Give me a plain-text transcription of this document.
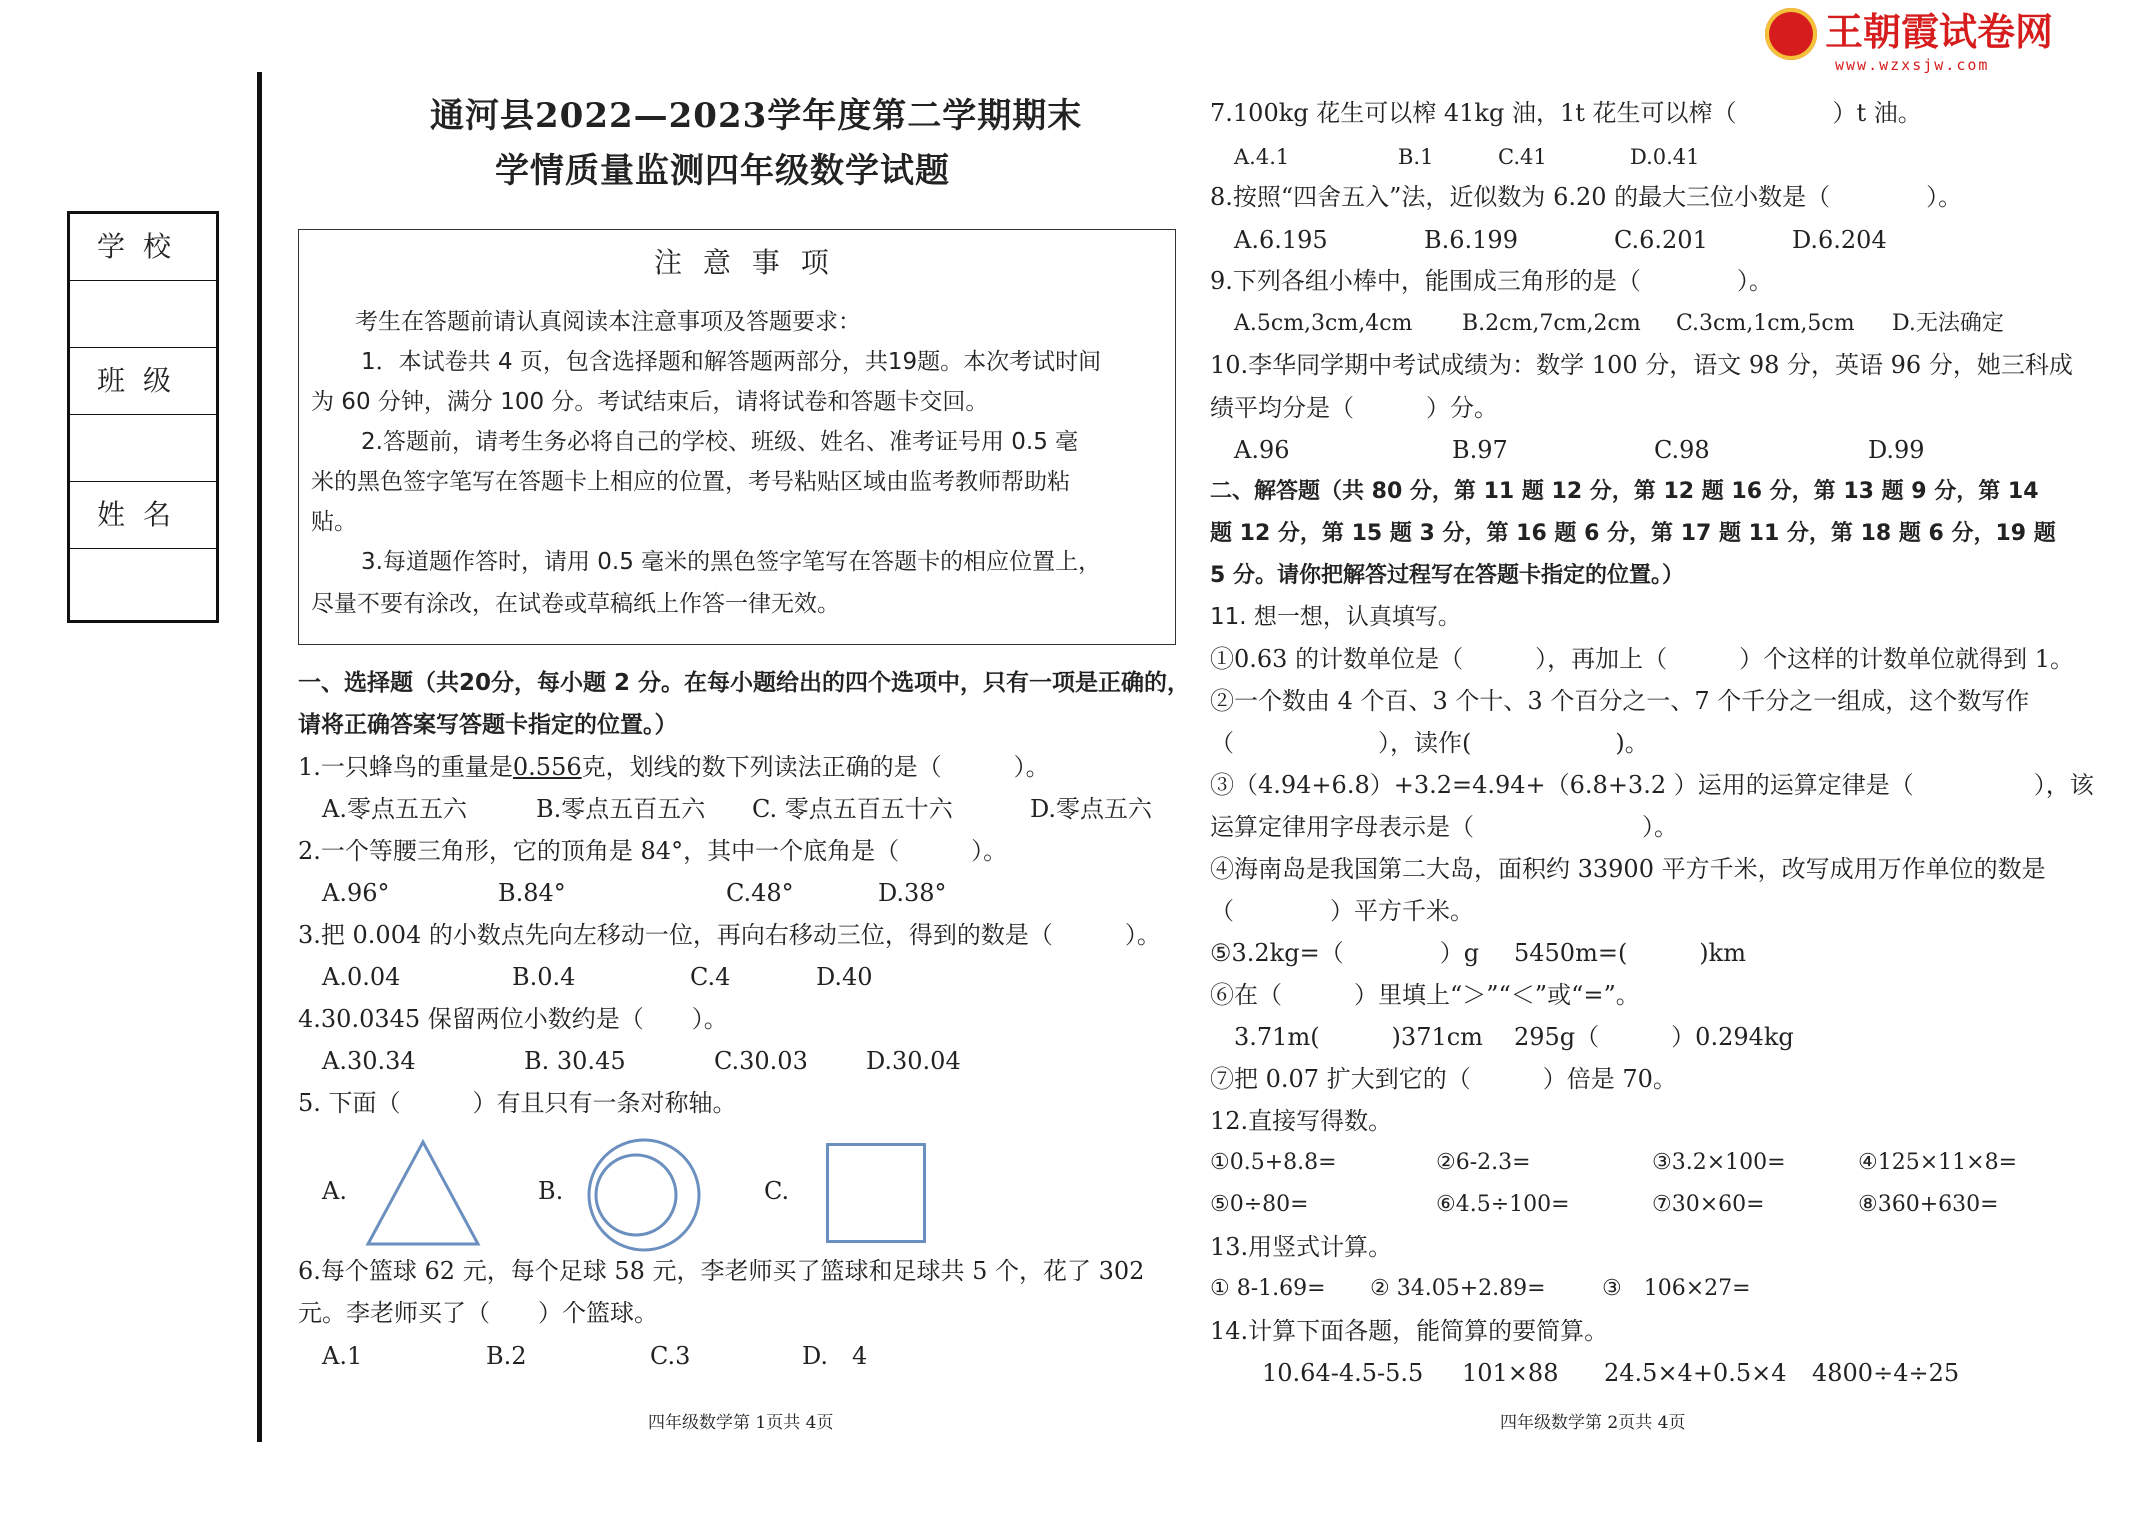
王朝霞试卷网
www.wzxsjw.com
学校
班级
姓名
通河县2022—2023学年度第二学期期末
学情质量监测四年级数学试题
注 意 事 项
考生在答题前请认真阅读本注意事项及答题要求：
1．本试卷共 4 页，包含选择题和解答题两部分，共19题。本次考试时间
为 60 分钟，满分 100 分。考试结束后，请将试卷和答题卡交回。
2.答题前，请考生务必将自己的学校、班级、姓名、准考证号用 0.5 毫
米的黑色签字笔写在答题卡上相应的位置，考号粘贴区域由监考教师帮助粘
贴。
3.每道题作答时，请用 0.5 毫米的黑色签字笔写在答题卡的相应位置上，
尽量不要有涂改，在试卷或草稿纸上作答一律无效。
一、选择题（共20分，每小题 2 分。在每小题给出的四个选项中，只有一项是正确的，
请将正确答案写答题卡指定的位置。）
1.一只蜂鸟的重量是0.556克，划线的数下列读法正确的是（　　　）。
A.零点五五六	B.零点五百五六 C. 零点五百五十六	D.零点五六
2.一个等腰三角形，它的顶角是 84°，其中一个底角是（　　　）。
A.96°	B.84°	C.48°	D.38°
3.把 0.004 的小数点先向左移动一位，再向右移动三位，得到的数是（　　　）。
A.0.04	B.0.4	C.4	D.40
4.30.0345 保留两位小数约是（　　）。
A.30.34	B. 30.45	C.30.03 D.30.04
5. 下面（　　　）有且只有一条对称轴。
A.	B.	C.
6.每个篮球 62 元，每个足球 58 元，李老师买了篮球和足球共 5 个，花了 302
元。李老师买了（　　）个篮球。
A.1	B.2	C.3	D.　4
四年级数学第 1页共 4页
7.100kg 花生可以榨 41kg 油，1t 花生可以榨（　　　　）t 油。
A.4.1	B.1	C.41	D.0.41
8.按照“四舍五入”法，近似数为 6.20 的最大三位小数是（　　　　）。
A.6.195	B.6.199	C.6.201	D.6.204
9.下列各组小棒中，能围成三角形的是（　　　　）。
A.5cm,3cm,4cm B.2cm,7cm,2cm C.3cm,1cm,5cm D.无法确定
10.李华同学期中考试成绩为：数学 100 分，语文 98 分，英语 96 分，她三科成
绩平均分是（　　　）分。
A.96	B.97	C.98	D.99
二、解答题（共 80 分，第 11 题 12 分，第 12 题 16 分，第 13 题 9 分，第 14
题 12 分，第 15 题 3 分，第 16 题 6 分，第 17 题 11 分，第 18 题 6 分，19 题
5 分。请你把解答过程写在答题卡指定的位置。）
11. 想一想，认真填写。
①0.63 的计数单位是（　　　），再加上（　　　）个这样的计数单位就得到 1。
②一个数由 4 个百、3 个十、3 个百分之一、7 个千分之一组成，这个数写作
（　　　　　　），读作(　　　　　　)。
③（4.94+6.8）+3.2=4.94+（6.8+3.2 ）运用的运算定律是（　　　　　），该
运算定律用字母表示是（　　　　　　　）。
④海南岛是我国第二大岛，面积约 33900 平方千米，改写成用万作单位的数是
（　　　　）平方千米。
⑤3.2kg=（　　　　）g 5450m=(　　　)km
⑥在（　　　）里填上“＞”“＜”或“=”。
3.71m(　　　)371cm 295g（　　　）0.294kg
⑦把 0.07 扩大到它的（　　　）倍是 70。
12.直接写得数。
①0.5+8.8=	②6-2.3=	③3.2×100=	④125×11×8=
⑤0÷80=	⑥4.5÷100=	⑦30×60=	⑧360+630=
13.用竖式计算。
① 8-1.69= ② 34.05+2.89=	③　106×27=
14.计算下面各题，能简算的要简算。
10.64-4.5-5.5 101×88 24.5×4+0.5×4 4800÷4÷25
四年级数学第 2页共 4页
